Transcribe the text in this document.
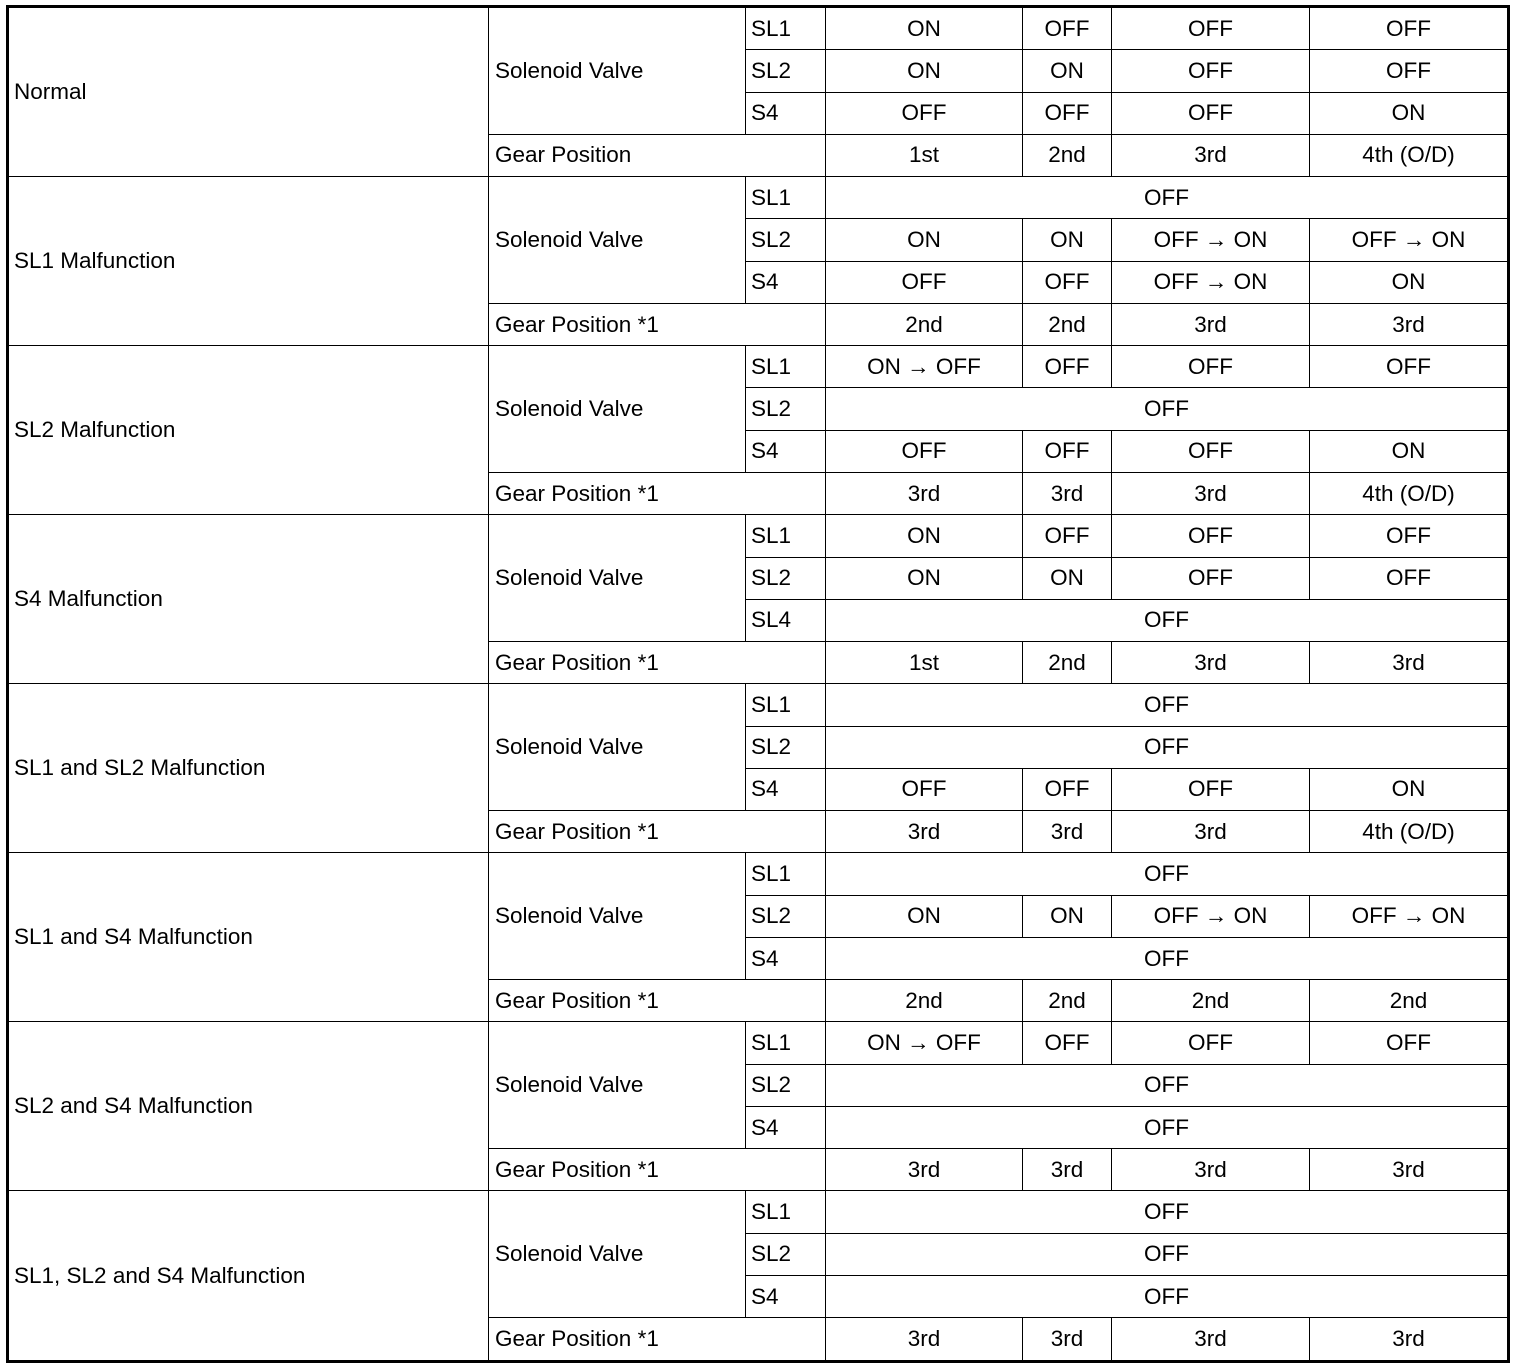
Normal	Solenoid Valve	SL1	ON	OFF	OFF	OFF
		SL2	ON	ON	OFF	OFF
		S4	OFF	OFF	OFF	ON
	Gear Position		1st	2nd	3rd	4th (O/D)
SL1 Malfunction	Solenoid Valve	SL1	OFF			
		SL2	ON	ON	OFF → ON	OFF → ON
		S4	OFF	OFF	OFF → ON	ON
	Gear Position *1		2nd	2nd	3rd	3rd
SL2 Malfunction	Solenoid Valve	SL1	ON → OFF	OFF	OFF	OFF
		SL2	OFF			
		S4	OFF	OFF	OFF	ON
	Gear Position *1		3rd	3rd	3rd	4th (O/D)
S4 Malfunction	Solenoid Valve	SL1	ON	OFF	OFF	OFF
		SL2	ON	ON	OFF	OFF
		SL4	OFF			
	Gear Position *1		1st	2nd	3rd	3rd
SL1 and SL2 Malfunction	Solenoid Valve	SL1	OFF			
		SL2	OFF			
		S4	OFF	OFF	OFF	ON
	Gear Position *1		3rd	3rd	3rd	4th (O/D)
SL1 and S4 Malfunction	Solenoid Valve	SL1	OFF			
		SL2	ON	ON	OFF → ON	OFF → ON
		S4	OFF			
	Gear Position *1		2nd	2nd	2nd	2nd
SL2 and S4 Malfunction	Solenoid Valve	SL1	ON → OFF	OFF	OFF	OFF
		SL2	OFF			
		S4	OFF			
	Gear Position *1		3rd	3rd	3rd	3rd
SL1, SL2 and S4 Malfunction	Solenoid Valve	SL1	OFF			
		SL2	OFF			
		S4	OFF			
	Gear Position *1		3rd	3rd	3rd	3rd
